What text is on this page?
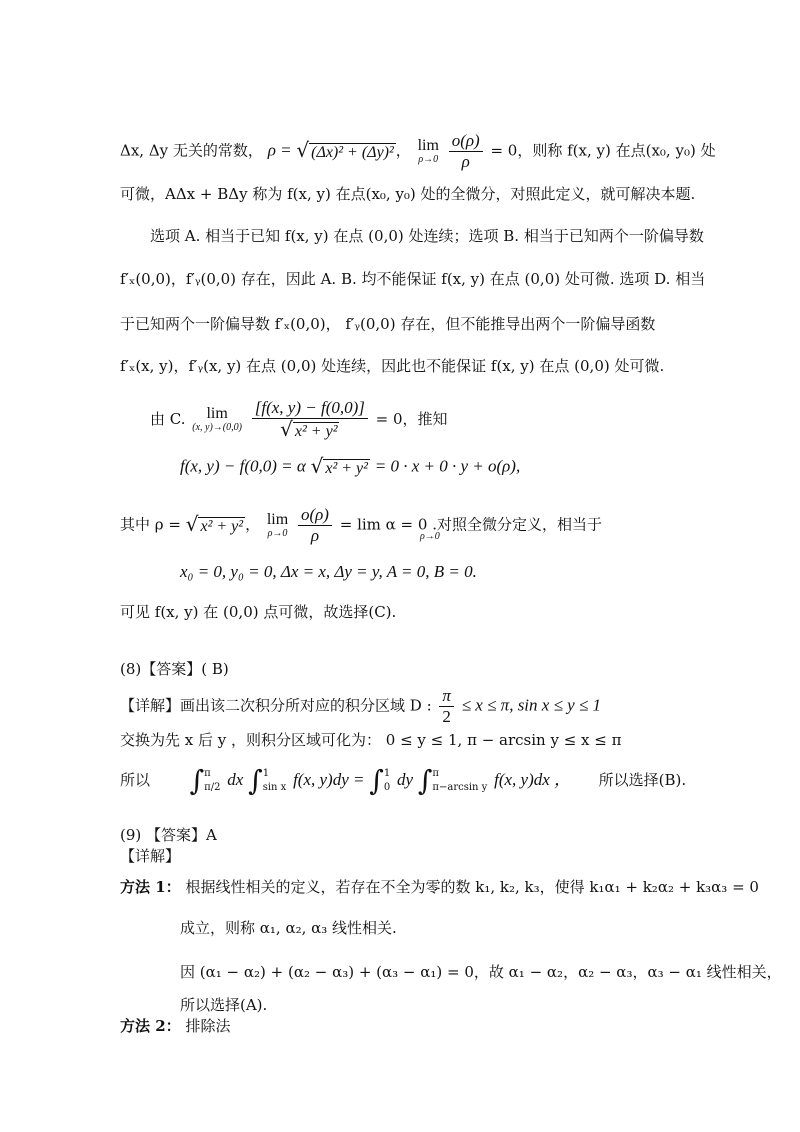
Δx, Δy 无关的常数， ρ = √ (Δx)² + (Δy)² ， lim
ρ→0
$\frac{o(\rho)}{\rho} = 0$，则称 f(x, y) 在点(x₀, y₀) 处
可微，AΔx + BΔy 称为 f(x, y) 在点(x₀, y₀) 处的全微分，对照此定义，就可解决本题.
选项 A. 相当于已知 f(x, y) 在点 (0,0) 处连续；选项 B. 相当于已知两个一阶偏导数
f′ₓ(0,0)，f′ᵧ(0,0) 存在，因此 A. B. 均不能保证 f(x, y) 在点 (0,0) 处可微. 选项 D. 相当
于已知两个一阶偏导数 f′ₓ(0,0)， f′ᵧ(0,0) 存在，但不能推导出两个一阶偏导函数
f′ₓ(x, y)，f′ᵧ(x, y) 在点 (0,0) 处连续，因此也不能保证 f(x, y) 在点 (0,0) 处可微.
由 C.	lim
(x, y)→(0,0)
$\frac{[f(x, y) - f(0,0)]}{\text{√ x² + y²}} = 0$，推知
f(x, y) − f(0,0) = α √ x² + y² = 0 · x + 0 · y + o(ρ),
其中 ρ = √ x² + y² ， lim
ρ→0
$\frac{o(\rho)}{\rho} = \lim \alpha = 0$ .对照全微分定义，相当于
ρ→0
x₀ = 0, y₀ = 0, Δx = x, Δy = y, A = 0, B = 0.
可见 f(x, y) 在 (0,0) 点可微，故选择(C).
(8)【答案】( B)
【详解】画出该二次积分所对应的积分区域 D : $\frac{\pi}{2} \le x \le \pi$, sin x ≤ y ≤ 1
交换为先 x 后 y ，则积分区域可化为： 0 ≤ y ≤ 1, π − arcsin y ≤ x ≤ π
所以 ∫ π
π/2 dx ∫ 1
sin x f(x, y)dy = ∫ 1
0 dy ∫ π
π−arcsin y f(x, y)dx ， 所以选择(B).
(9) 【答案】A
【详解】
方法 1： 根据线性相关的定义，若存在不全为零的数 k₁, k₂, k₃，使得 k₁α₁ + k₂α₂ + k₃α₃ = 0
成立，则称 α₁, α₂, α₃ 线性相关.
因 (α₁ − α₂) + (α₂ − α₃) + (α₃ − α₁) = 0，故 α₁ − α₂，α₂ − α₃，α₃ − α₁ 线性相关，
所以选择(A).
方法 2： 排除法
